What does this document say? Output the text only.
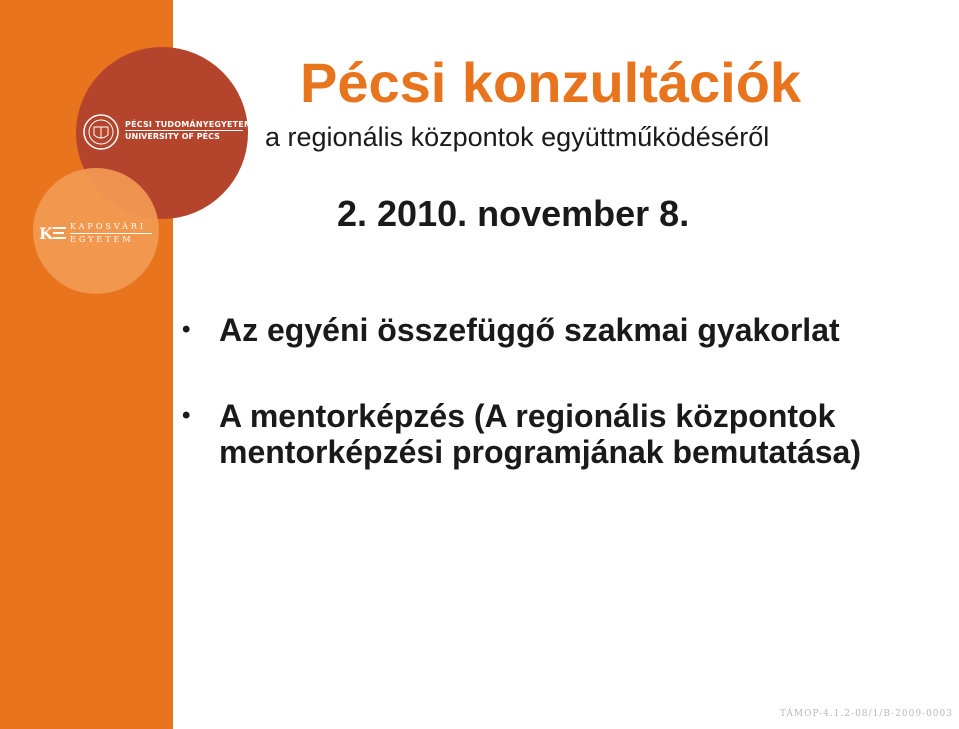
PÉCSI TUDOMÁNYEGYETEM
UNIVERSITY OF PÉCS
K KAPOSVÁRI
EGYETEM
Pécsi konzultációk

a regionális központok együttműködéséről

2. 2010. november 8.

• Az egyéni összefüggő szakmai gyakorlat
• A mentorképzés (A regionális központok mentorképzési programjának bemutatása)
TÁMOP-4.1.2-08/1/B-2009-0003
